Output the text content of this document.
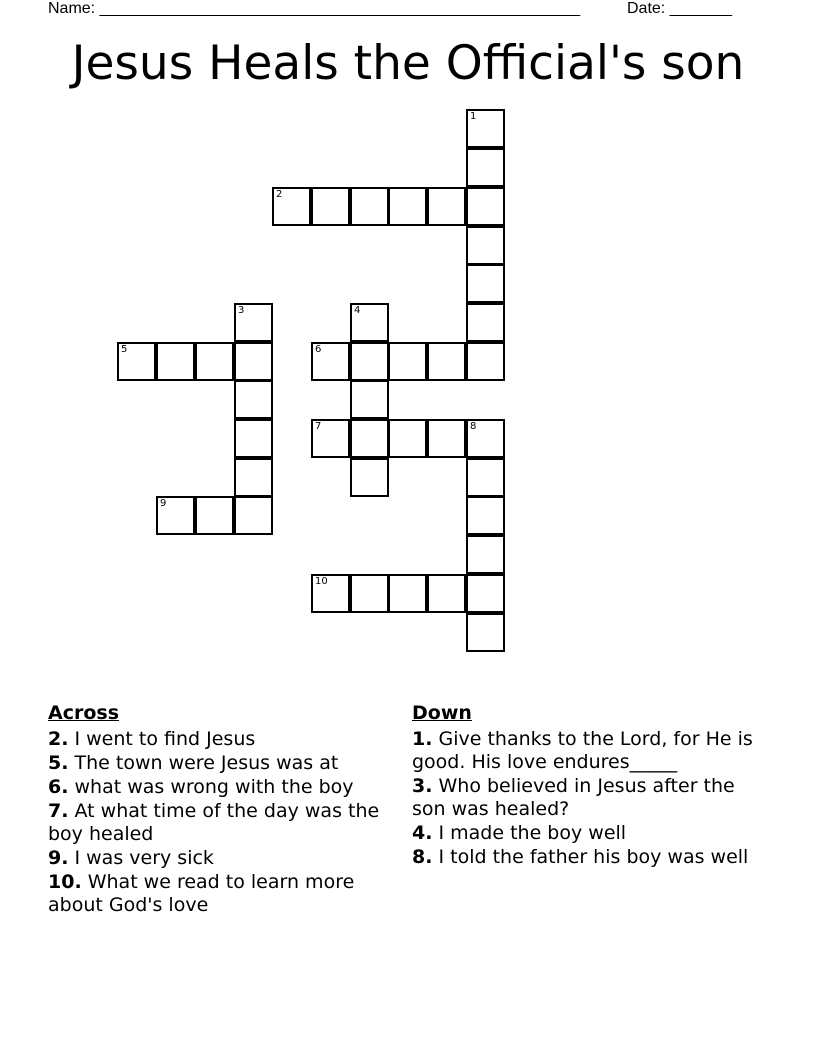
Name: ______________________________________________________	Date: _______
Jesus Heals the Official's son
1
2
3	4
5	6
7	8
9
10
Across
2. I went to find Jesus
5. The town were Jesus was at
6. what was wrong with the boy
7. At what time of the day was the boy healed
9. I was very sick
10. What we read to learn more about God's love
Down
1. Give thanks to the Lord, for He is good. His love endures_____
3. Who believed in Jesus after the son was healed?
4. I made the boy well
8. I told the father his boy was well
